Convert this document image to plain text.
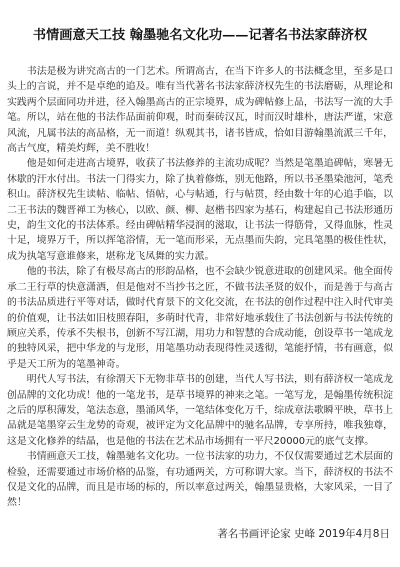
书情画意天工技 翰墨驰名文化功——记著名书法家薛济权

书法是极为讲究高古的一门艺术。所谓高古，在当下许多人的书法概念里，至多是口头上的言说，并不是卓绝的追及。唯有当代著名书法家薛济权先生的书法磨砺，从理论和实践两个层面同功并进，径入翰墨高古的正宗境界，成为碑帖修上品，书法写一流的大手笔。所以，站在他的书法作品面前仰观，时而秦砖汉瓦，时而汉时雄朴，唐法严谨，宋意风流，凡属书法的高品格，无一而道！纵观其书，诸书皆成，恰如目游翰墨流派三千年，高古气度，精美灼辉，美不胜收！

他是如何走进高古境界，收获了书法修养的主流功成呢？当然是笔墨追碑帖，寒暑无休歇的汗水付出。书法一门得实力，除了执着修炼，别无他路，所以书圣墨染池河，笔秃积山。薛济权先生读帖、临帖、悟帖，心与帖通，行与帖贯，经由数十年的心追手临，以二王书法的魏晋禅工为核心，以欧、颜、柳、赵楷书四家为基石，构建起自己书法形通历史，韵生文化的书法体系。经由碑帖精华浸润的滋取，让书法一得筋骨，又得血脉，性灵十足，境界万千，所以挥笔浴情，无一笔而形采，无点墨而失韵，完具笔墨的极佳性状，成为执笔写意谁修来，堪称龙飞凤舞的实力派。

他的书法，除了有极尽高古的形韵品格，也不会缺少锐意进取的创建风采。他全面传承二王行草的快意潇洒，但是他对不当抄书之匠，不做书法圣贤的奴仆，而是善于与高古的书法品质进行平等对话，做时代育景下的文化交流，在书法的创作过程中注入时代审美的价值观，让书法如旧枝照春阳，多萌时代青，非常好地承载住了书法创新与书法传统的顾应关系，传承不失根书，创新不写江湖，用功力和智慧的合成动能，创设草书一笔成龙的独特风采，把中华龙的与龙形，用笔墨功动表现得性灵透彻，笔能抒情，书有画意，似乎是天工所为的笔墨神奇。

明代人写书法，有徐渭天下无物非草书的创建，当代人写书法，则有薛济权一笔成龙创品牌的文化功成！他的一笔龙书，是草书境界的神来之笔。一笔写龙，是翰墨传统积淀之后的厚积薄发，笔法态意，墨涌风华，一笔结体变化万千，综成章法歌瞬平映，草书上品就是笔墨穿云生龙势的奇观，被评定为文化品牌中的驰名品牌，专享所持，唯我独尊，这是文化修养的结晶，也是他的书法在艺术品市场拥有一平尺20000元的底气支撑。

书情画意天工技，翰墨驰名文化功。一位书法家的功力，不仅仅需要通过艺术层面的检验，还需要通过市场价格的品鉴，有功通两关，方可称谓大家。当下，薛济权的书法不仅是文化的品牌，而且是市场的标的，所以率意过两关，翰墨显贵格，大家风采，一目了然！

著名书画评论家 史峰 2019年4月8日
